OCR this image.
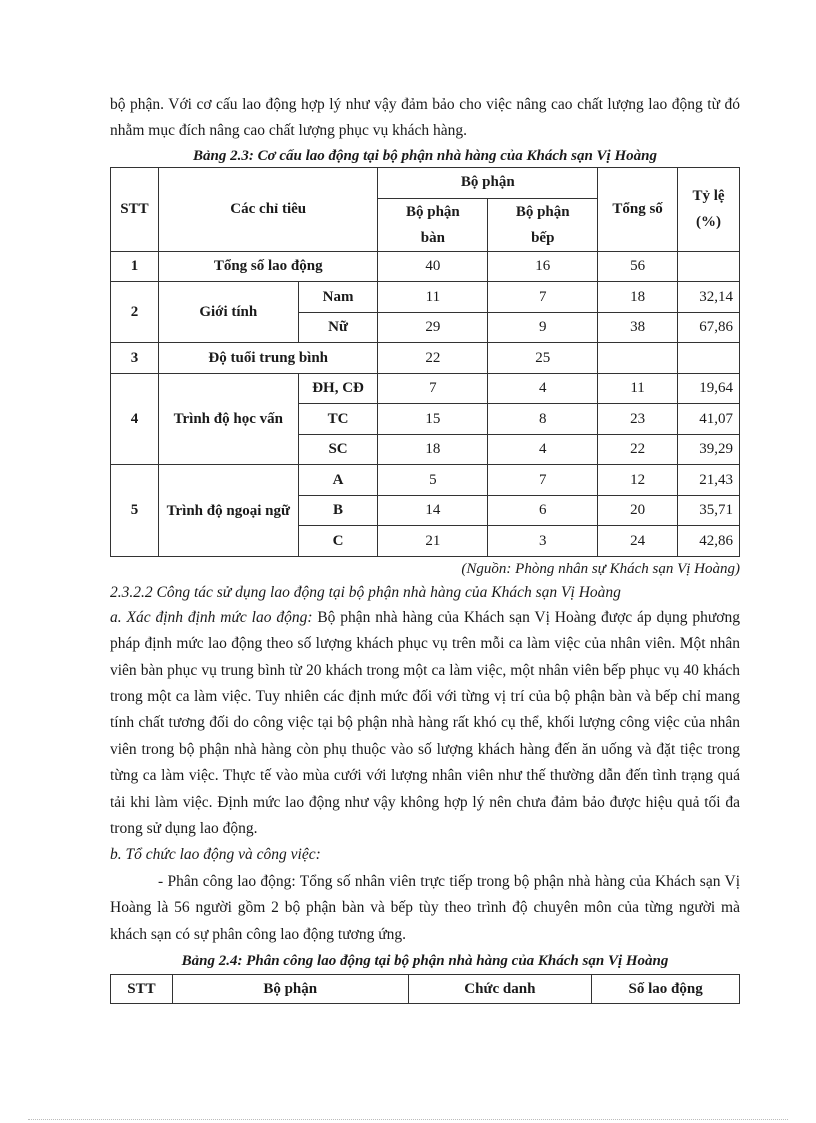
bộ phận. Với cơ cấu lao động hợp lý như vậy đảm bảo cho việc nâng cao chất lượng lao động từ đó nhằm mục đích nâng cao chất lượng phục vụ khách hàng.

Bảng 2.3: Cơ cấu lao động tại bộ phận nhà hàng của Khách sạn Vị Hoàng

STT	Các chỉ tiêu		Bộ phận		Tổng số	Tỷ lệ (%)
			Bộ phận bàn	Bộ phận bếp		
1	Tổng số lao động		40	16	56	
2	Giới tính	Nam	11	7	18	32,14
		Nữ	29	9	38	67,86
3	Độ tuổi trung bình		22	25		
4	Trình độ học vấn	ĐH, CĐ	7	4	11	19,64
		TC	15	8	23	41,07
		SC	18	4	22	39,29
5	Trình độ ngoại ngữ	A	5	7	12	21,43
		B	14	6	20	35,71
		C	21	3	24	42,86

(Nguồn: Phòng nhân sự Khách sạn Vị Hoàng)

2.3.2.2 Công tác sử dụng lao động tại bộ phận nhà hàng của Khách sạn Vị Hoàng

a. Xác định định mức lao động: Bộ phận nhà hàng của Khách sạn Vị Hoàng được áp dụng phương pháp định mức lao động theo số lượng khách phục vụ trên mỗi ca làm việc của nhân viên. Một nhân viên bàn phục vụ trung bình từ 20 khách trong một ca làm việc, một nhân viên bếp phục vụ 40 khách trong một ca làm việc. Tuy nhiên các định mức đối với từng vị trí của bộ phận bàn và bếp chỉ mang tính chất tương đối do công việc tại bộ phận nhà hàng rất khó cụ thể, khối lượng công việc của nhân viên trong bộ phận nhà hàng còn phụ thuộc vào số lượng khách hàng đến ăn uống và đặt tiệc trong từng ca làm việc. Thực tế vào mùa cưới với lượng nhân viên như thế thường dẫn đến tình trạng quá tải khi làm việc. Định mức lao động như vậy không hợp lý nên chưa đảm bảo được hiệu quả tối đa trong sử dụng lao động.

b. Tổ chức lao động và công việc:

- Phân công lao động: Tổng số nhân viên trực tiếp trong bộ phận nhà hàng của Khách sạn Vị Hoàng là 56 người gồm 2 bộ phận bàn và bếp tùy theo trình độ chuyên môn của từng người mà khách sạn có sự phân công lao động tương ứng.

Bảng 2.4: Phân công lao động tại bộ phận nhà hàng của Khách sạn Vị Hoàng

STT	Bộ phận	Chức danh	Số lao động
